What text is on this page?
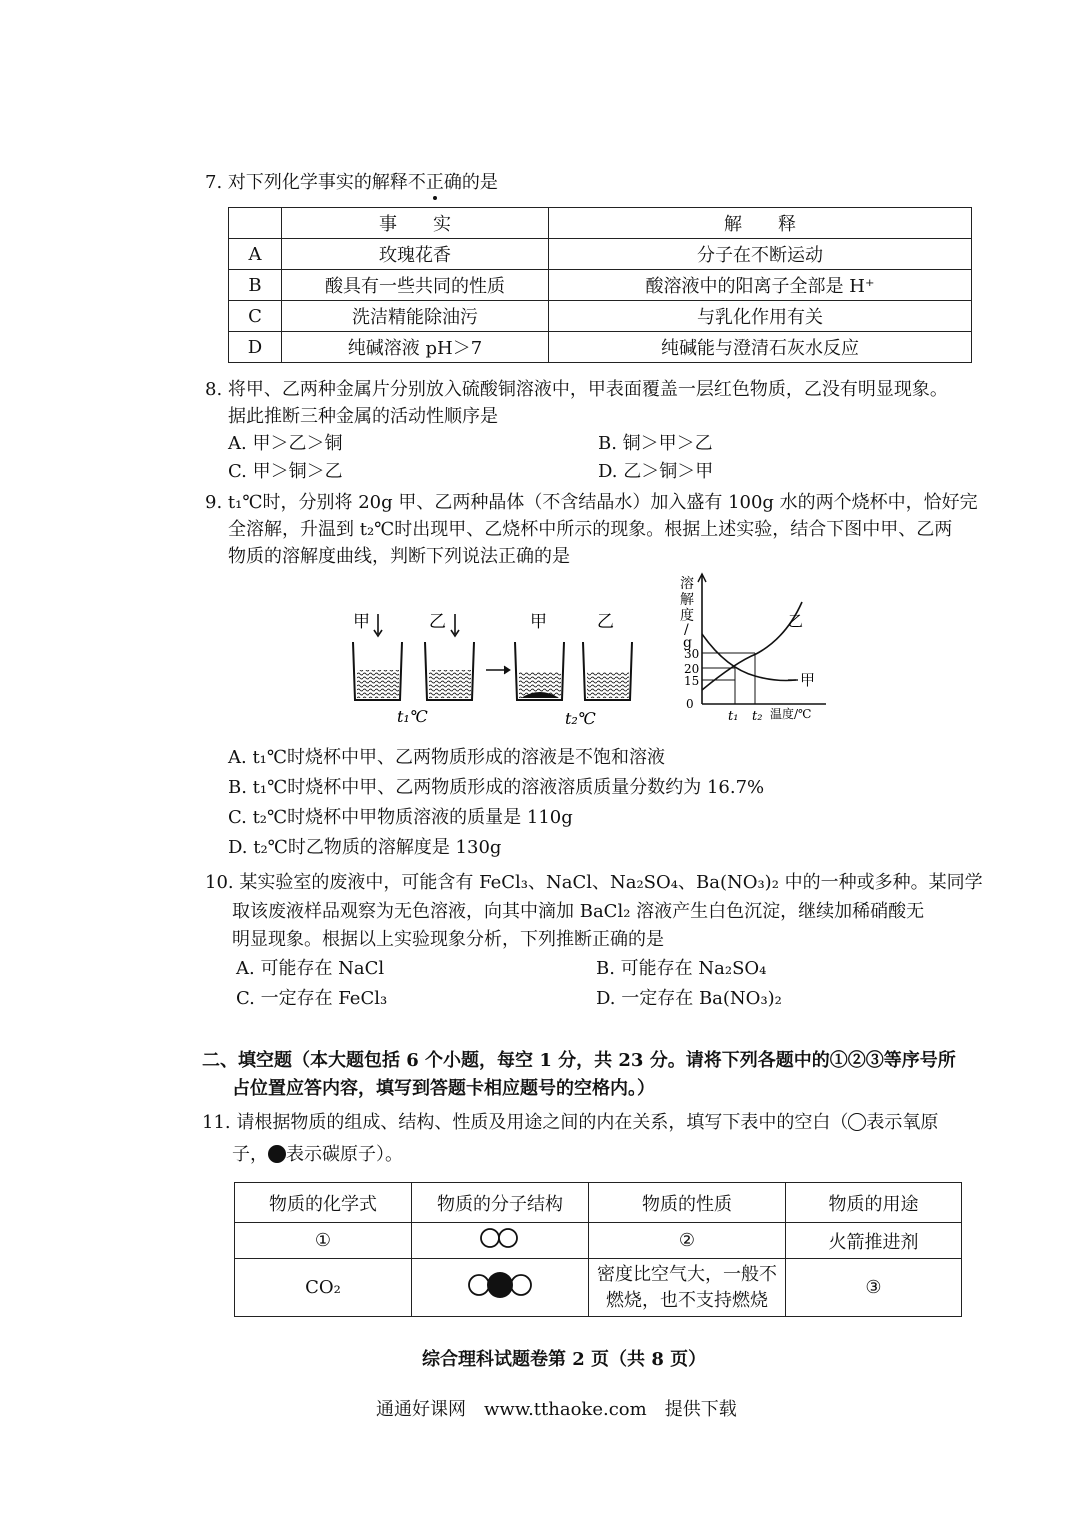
7. 对下列化学事实的解释不正确的是
	事　　实	解　　释
A	玫瑰花香	分子在不断运动
B	酸具有一些共同的性质	酸溶液中的阳离子全部是 H⁺
C	洗洁精能除油污	与乳化作用有关
D	纯碱溶液 pH＞7	纯碱能与澄清石灰水反应
8. 将甲、乙两种金属片分别放入硫酸铜溶液中，甲表面覆盖一层红色物质，乙没有明显现象。
据此推断三种金属的活动性顺序是
A. 甲＞乙＞铜	B. 铜＞甲＞乙
C. 甲＞铜＞乙	D. 乙＞铜＞甲
9. t₁℃时，分别将 20g 甲、乙两种晶体（不含结晶水）加入盛有 100g 水的两个烧杯中，恰好完
全溶解，升温到 t₂℃时出现甲、乙烧杯中所示的现象。根据上述实验，结合下图中甲、乙两
物质的溶解度曲线，判断下列说法正确的是
甲	乙	甲	乙
t₁℃	t₂℃
溶
解
度
/
g
30
20
15
0
甲
乙
t₁ t₂ 温度/℃
A. t₁℃时烧杯中甲、乙两物质形成的溶液是不饱和溶液
B. t₁℃时烧杯中甲、乙两物质形成的溶液溶质质量分数约为 16.7%
C. t₂℃时烧杯中甲物质溶液的质量是 110g
D. t₂℃时乙物质的溶解度是 130g
10. 某实验室的废液中，可能含有 FeCl₃、NaCl、Na₂SO₄、Ba(NO₃)₂ 中的一种或多种。某同学
取该废液样品观察为无色溶液，向其中滴加 BaCl₂ 溶液产生白色沉淀，继续加稀硝酸无
明显现象。根据以上实验现象分析，下列推断正确的是
A. 可能存在 NaCl	B. 可能存在 Na₂SO₄
C. 一定存在 FeCl₃	D. 一定存在 Ba(NO₃)₂
二、填空题（本大题包括 6 个小题，每空 1 分，共 23 分。请将下列各题中的①②③等序号所
占位置应答内容，填写到答题卡相应题号的空格内。）
11. 请根据物质的组成、结构、性质及用途之间的内在关系，填写下表中的空白（ 表示氧原
子， 表示碳原子）。
物质的化学式	物质的分子结构	物质的性质	物质的用途
①		②	火箭推进剂
CO₂		密度比空气大，一般不
燃烧，也不支持燃烧	③
综合理科试题卷第 2 页（共 8 页）
通通好课网　www.tthaoke.com　提供下载
